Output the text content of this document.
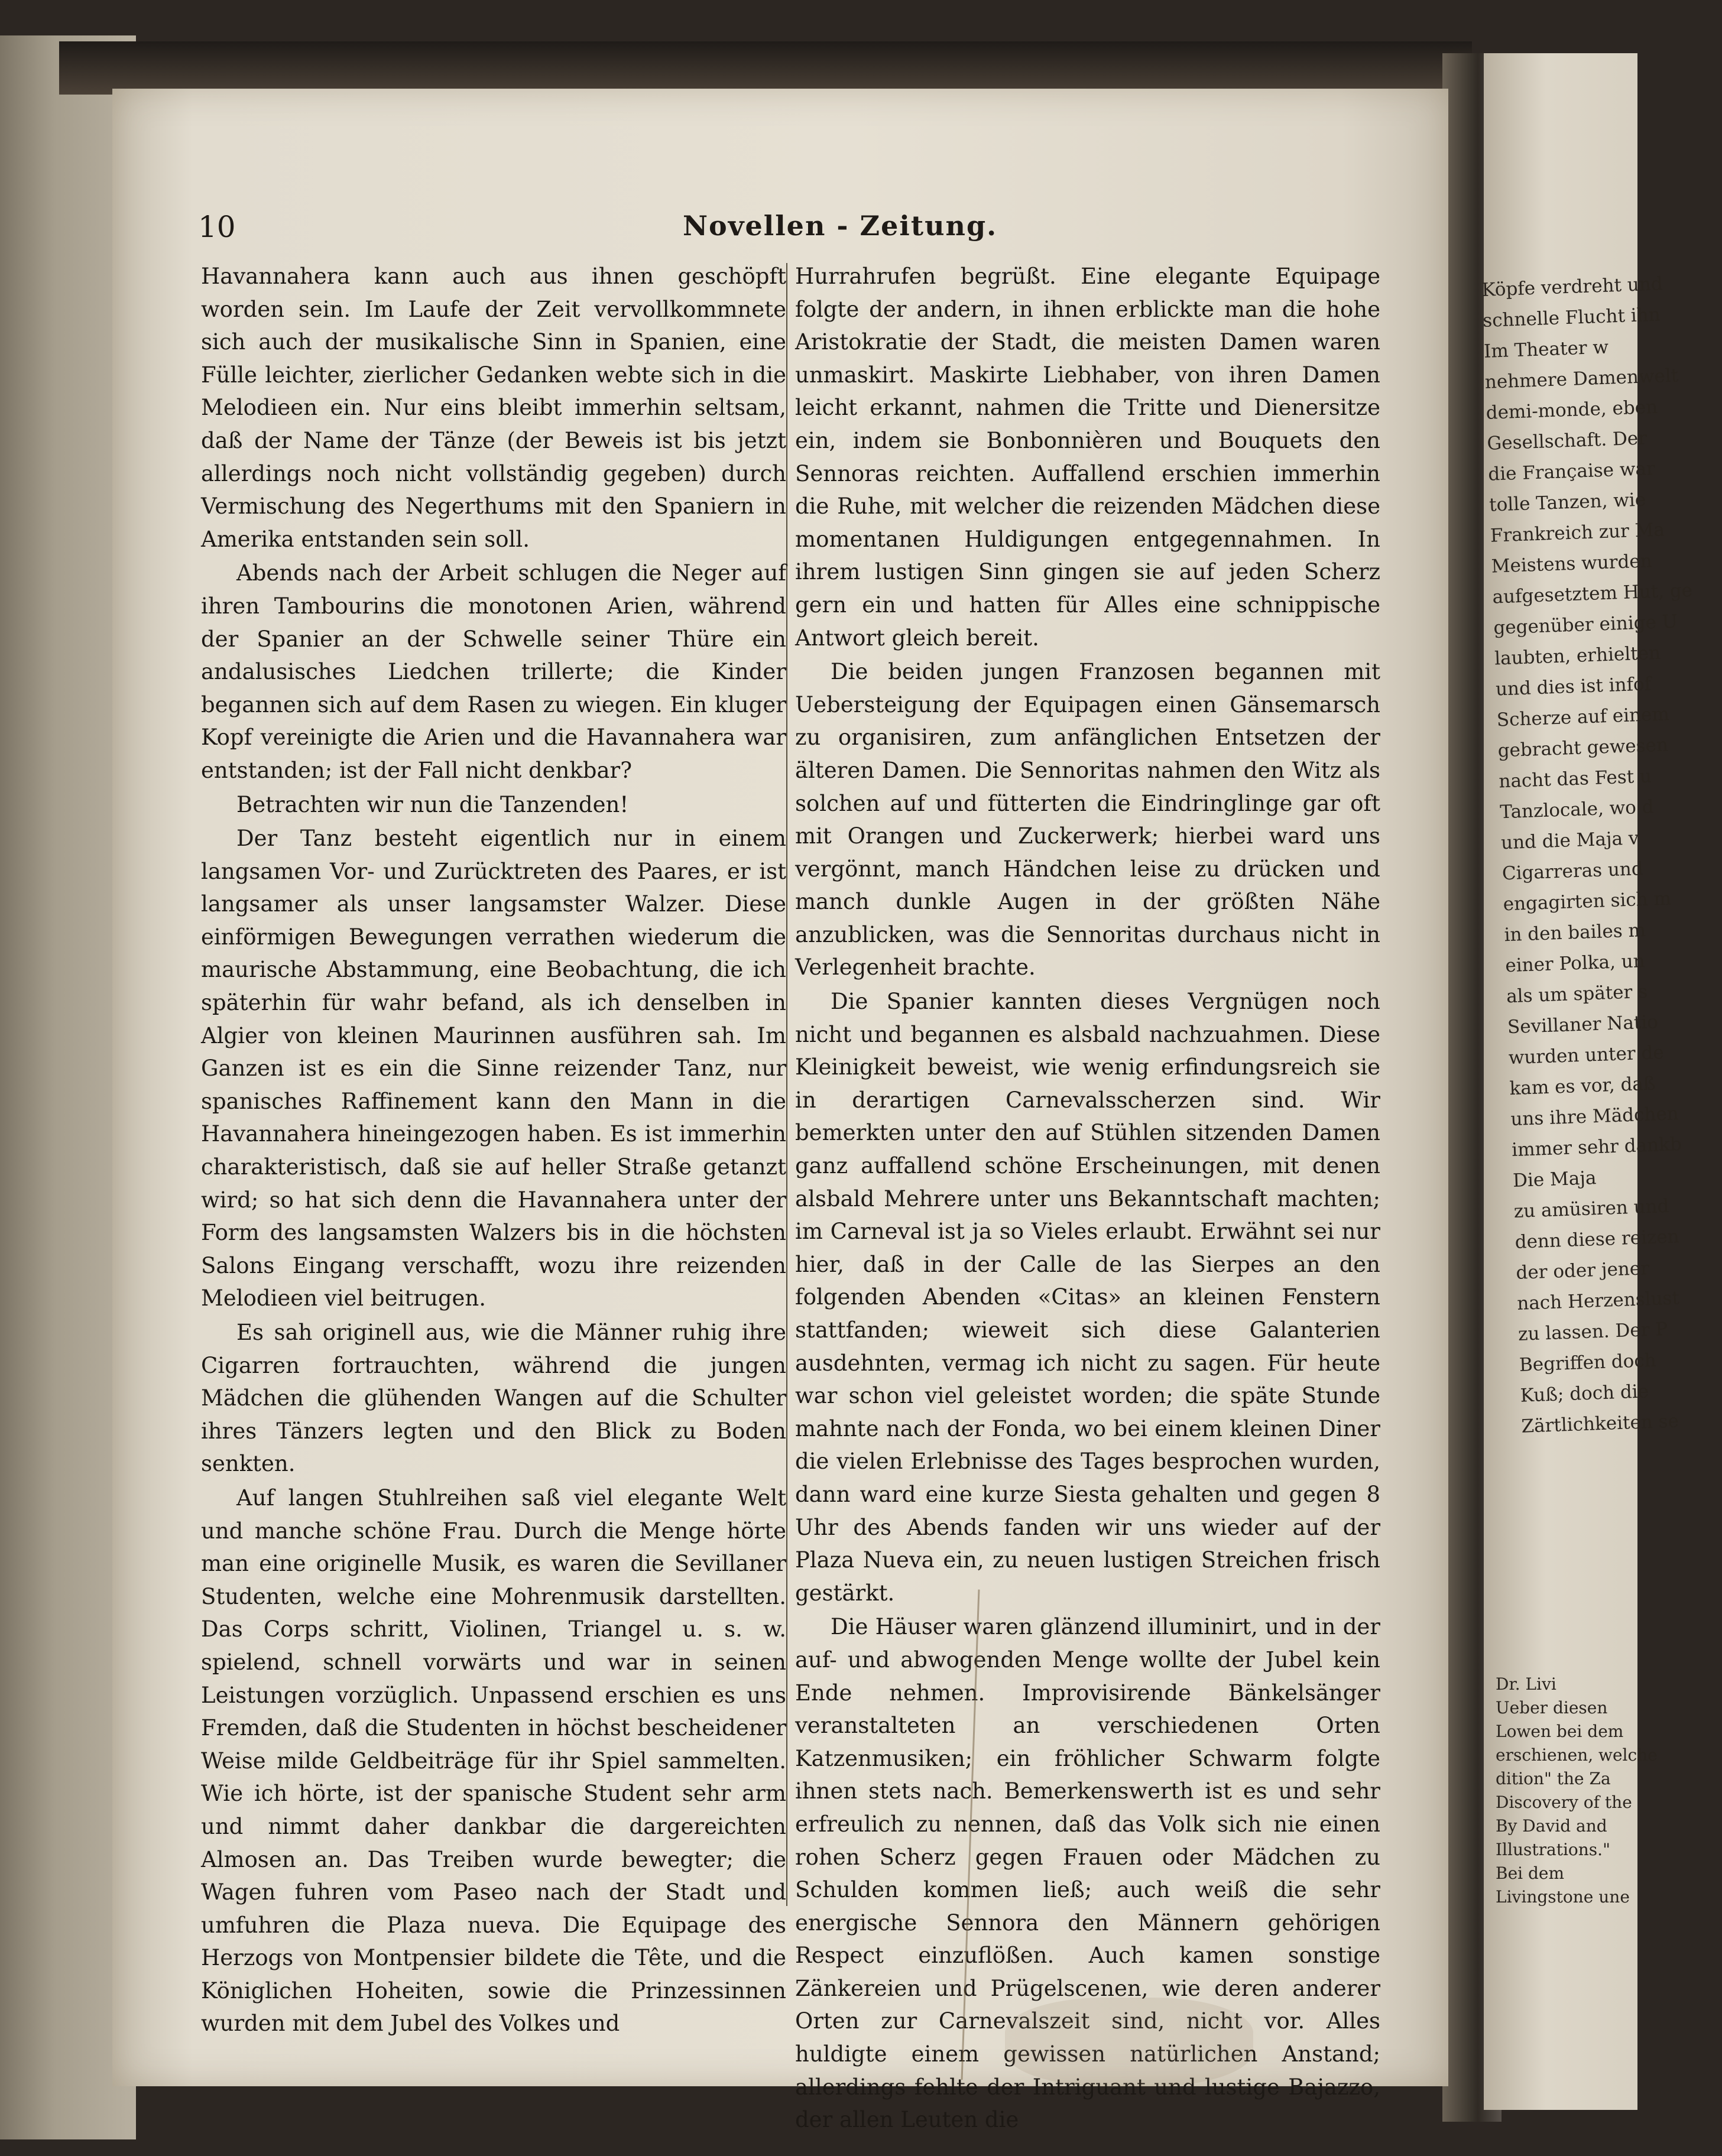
Köpfe verdreht und
schnelle Flucht ihn
Im Theater w
nehmere Damenwelt
demi-monde, eben
Gesellschaft. Der
die Française war
tolle Tanzen, wie
Frankreich zur Ma
Meistens wurden
aufgesetztem Hut, ge
gegenüber einige U
laubten, erhielten
und dies ist infof
Scherze auf einem
gebracht gewesen
nacht das Fest u
Tanzlocale, wo d
und die Maja v
Cigarreras und
engagirten sich m
in den bailes m
einer Polka, un
als um später s
Sevillaner Natio
wurden unter de
kam es vor, daß
uns ihre Mädchen
immer sehr dankb
Die Maja
zu amüsiren und
denn diese reizen
der oder jener
nach Herzenslust
zu lassen. Der P
Begriffen doch
Kuß; doch die
Zärtlichkeiten se
Dr. Livi
Ueber diesen
Lowen bei dem
erschienen, welche
dition" the Za
Discovery of the
By David and
Illustrations."
Bei dem
Livingstone une
10	Novellen - Zeitung.

Havannahera kann auch aus ihnen geschöpft worden sein. Im Laufe der Zeit vervollkommnete sich auch der musikalische Sinn in Spanien, eine Fülle leichter, zierlicher Gedanken webte sich in die Melodieen ein. Nur eins bleibt immerhin seltsam, daß der Name der Tänze (der Beweis ist bis jetzt allerdings noch nicht vollständig gegeben) durch Vermischung des Negerthums mit den Spaniern in Amerika entstanden sein soll.

Abends nach der Arbeit schlugen die Neger auf ihren Tambourins die monotonen Arien, während der Spanier an der Schwelle seiner Thüre ein andalusisches Liedchen trillerte; die Kinder begannen sich auf dem Rasen zu wiegen. Ein kluger Kopf vereinigte die Arien und die Havannahera war entstanden; ist der Fall nicht denkbar?

Betrachten wir nun die Tanzenden!

Der Tanz besteht eigentlich nur in einem langsamen Vor- und Zurücktreten des Paares, er ist langsamer als unser langsamster Walzer. Diese einförmigen Bewegungen verrathen wiederum die maurische Abstammung, eine Beobachtung, die ich späterhin für wahr befand, als ich denselben in Algier von kleinen Maurinnen ausführen sah. Im Ganzen ist es ein die Sinne reizender Tanz, nur spanisches Raffinement kann den Mann in die Havannahera hineingezogen haben. Es ist immerhin charakteristisch, daß sie auf heller Straße getanzt wird; so hat sich denn die Havannahera unter der Form des langsamsten Walzers bis in die höchsten Salons Eingang verschafft, wozu ihre reizenden Melodieen viel beitrugen.

Es sah originell aus, wie die Männer ruhig ihre Cigarren fortrauchten, während die jungen Mädchen die glühenden Wangen auf die Schulter ihres Tänzers legten und den Blick zu Boden senkten.

Auf langen Stuhlreihen saß viel elegante Welt und manche schöne Frau. Durch die Menge hörte man eine originelle Musik, es waren die Sevillaner Studenten, welche eine Mohrenmusik darstellten. Das Corps schritt, Violinen, Triangel u. s. w. spielend, schnell vorwärts und war in seinen Leistungen vorzüglich. Unpassend erschien es uns Fremden, daß die Studenten in höchst bescheidener Weise milde Geldbeiträge für ihr Spiel sammelten. Wie ich hörte, ist der spanische Student sehr arm und nimmt daher dankbar die dargereichten Almosen an. Das Treiben wurde bewegter; die Wagen fuhren vom Paseo nach der Stadt und umfuhren die Plaza nueva. Die Equipage des Herzogs von Montpensier bildete die Tête, und die Königlichen Hoheiten, sowie die Prinzessinnen wurden mit dem Jubel des Volkes und

Hurrahrufen begrüßt. Eine elegante Equipage folgte der andern, in ihnen erblickte man die hohe Aristokratie der Stadt, die meisten Damen waren unmaskirt. Maskirte Liebhaber, von ihren Damen leicht erkannt, nahmen die Tritte und Dienersitze ein, indem sie Bonbonnièren und Bouquets den Sennoras reichten. Auffallend erschien immerhin die Ruhe, mit welcher die reizenden Mädchen diese momentanen Huldigungen entgegennahmen. In ihrem lustigen Sinn gingen sie auf jeden Scherz gern ein und hatten für Alles eine schnippische Antwort gleich bereit.

Die beiden jungen Franzosen begannen mit Uebersteigung der Equipagen einen Gänsemarsch zu organisiren, zum anfänglichen Entsetzen der älteren Damen. Die Sennoritas nahmen den Witz als solchen auf und fütterten die Eindringlinge gar oft mit Orangen und Zuckerwerk; hierbei ward uns vergönnt, manch Händchen leise zu drücken und manch dunkle Augen in der größten Nähe anzublicken, was die Sennoritas durchaus nicht in Verlegenheit brachte.

Die Spanier kannten dieses Vergnügen noch nicht und begannen es alsbald nachzuahmen. Diese Kleinigkeit beweist, wie wenig erfindungsreich sie in derartigen Carnevalsscherzen sind. Wir bemerkten unter den auf Stühlen sitzenden Damen ganz auffallend schöne Erscheinungen, mit denen alsbald Mehrere unter uns Bekanntschaft machten; im Carneval ist ja so Vieles erlaubt. Erwähnt sei nur hier, daß in der Calle de las Sierpes an den folgenden Abenden «Citas» an kleinen Fenstern stattfanden; wieweit sich diese Galanterien ausdehnten, vermag ich nicht zu sagen. Für heute war schon viel geleistet worden; die späte Stunde mahnte nach der Fonda, wo bei einem kleinen Diner die vielen Erlebnisse des Tages besprochen wurden, dann ward eine kurze Siesta gehalten und gegen 8 Uhr des Abends fanden wir uns wieder auf der Plaza Nueva ein, zu neuen lustigen Streichen frisch gestärkt.

Die Häuser waren glänzend illuminirt, und in der auf- und abwogenden Menge wollte der Jubel kein Ende nehmen. Improvisirende Bänkelsänger veranstalteten an verschiedenen Orten Katzenmusiken; ein fröhlicher Schwarm folgte ihnen stets nach. Bemerkenswerth ist es und sehr erfreulich zu nennen, daß das Volk sich nie einen rohen Scherz gegen Frauen oder Mädchen zu Schulden kommen ließ; auch weiß die sehr energische Sennora den Männern gehörigen Respect einzuflößen. Auch kamen sonstige Zänkereien und Prügelscenen, wie deren anderer Orten zur Carnevalszeit sind, nicht vor. Alles huldigte einem gewissen natürlichen Anstand; allerdings fehlte der Intriguant und lustige Bajazzo, der allen Leuten die
